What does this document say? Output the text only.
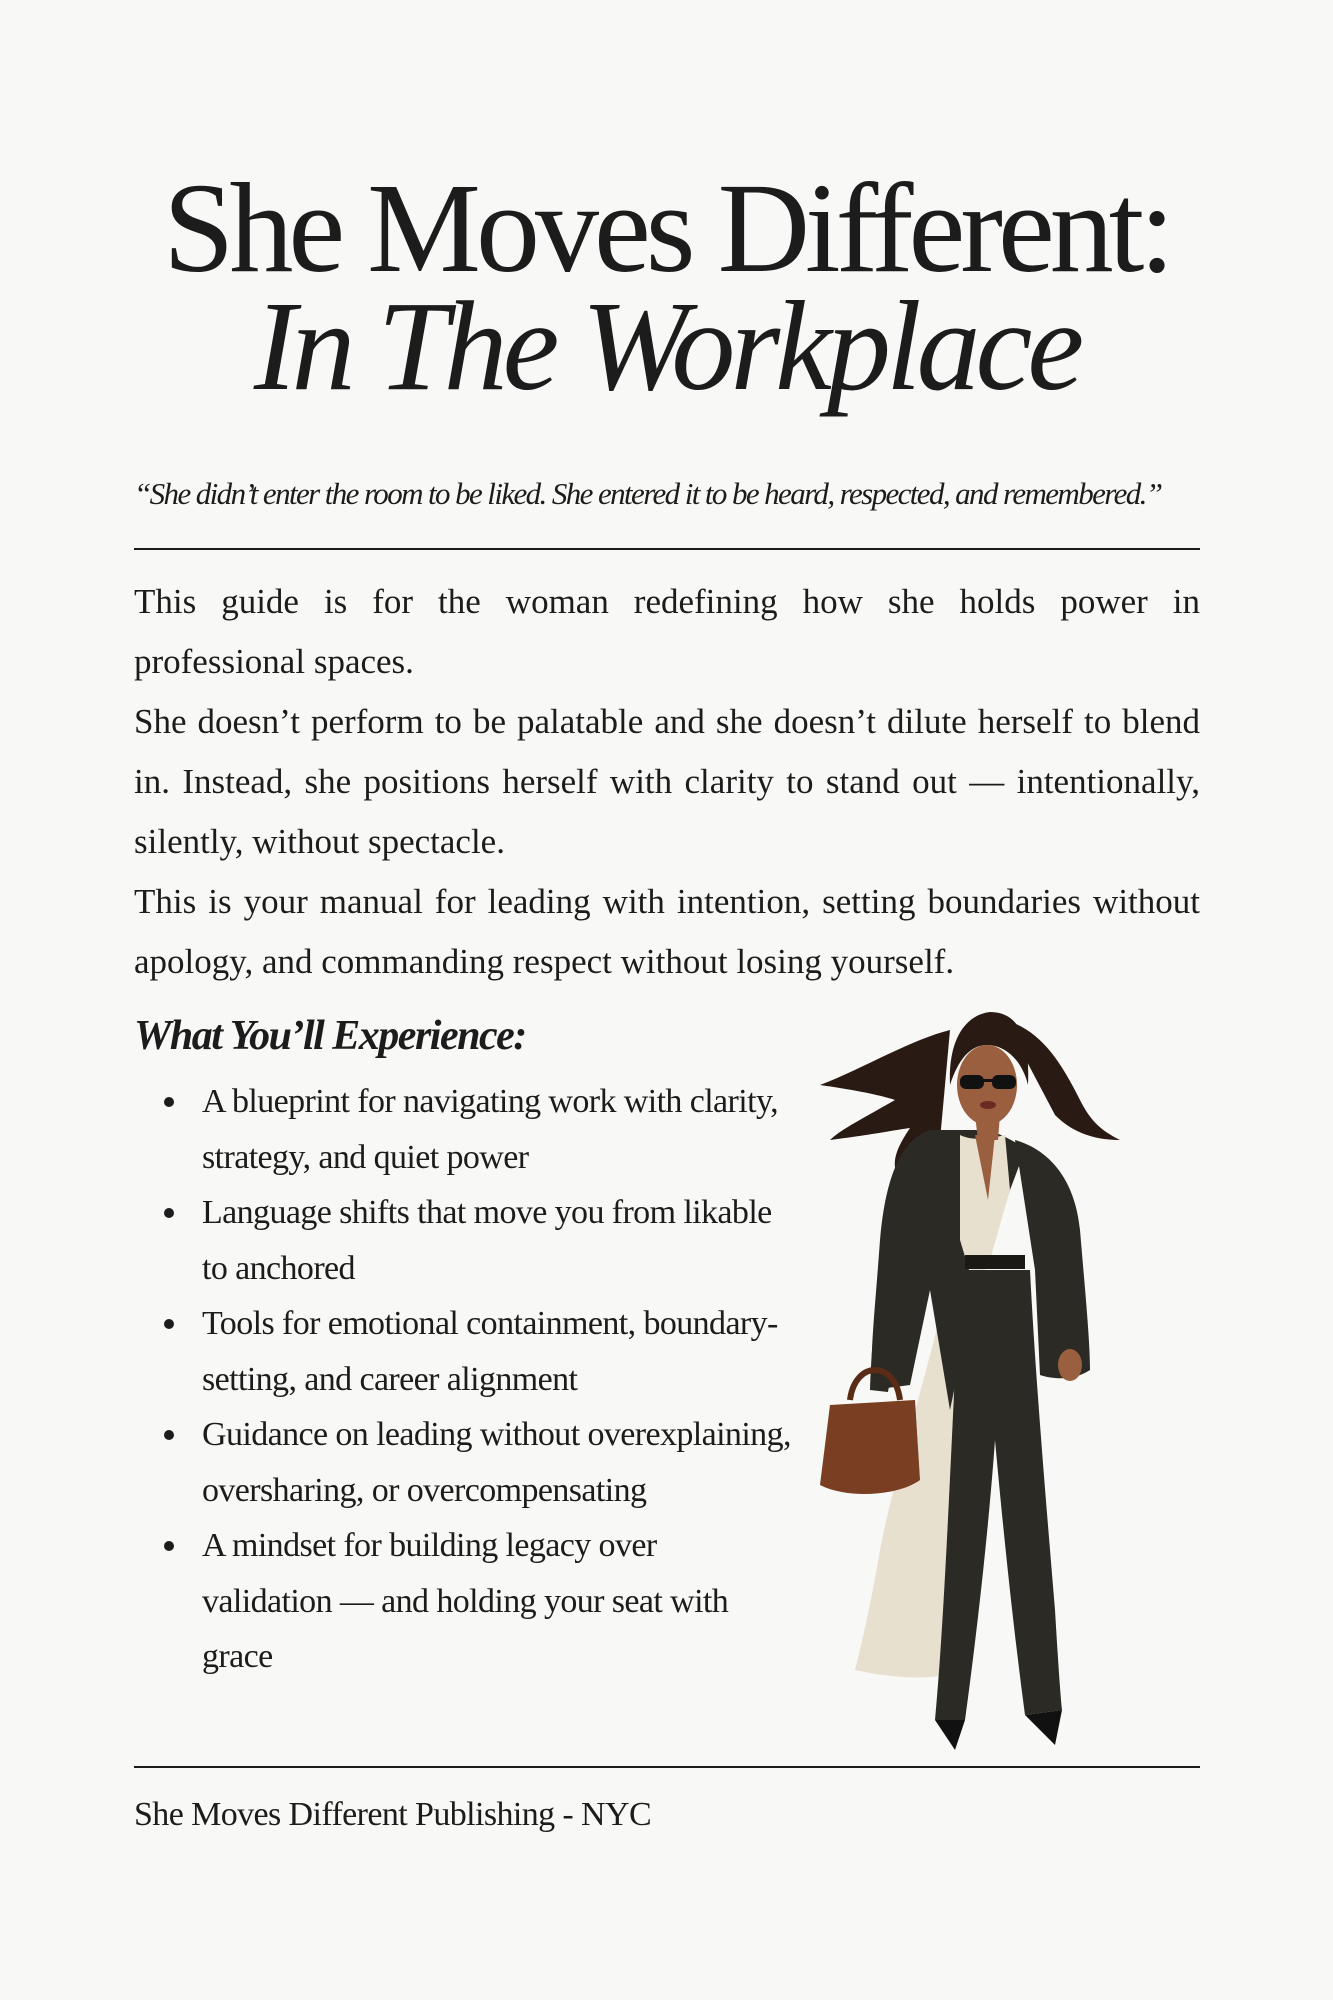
She Moves Different:
In The Workplace
“She didn’t enter the room to be liked. She entered it to be heard, respected, and remembered.”

This guide is for the woman redefining how she holds power in professional spaces.

She doesn’t perform to be palatable and she doesn’t dilute herself to blend in. Instead, she positions herself with clarity to stand out — intentionally, silently, without spectacle.

This is your manual for leading with intention, setting boundaries without apology, and commanding respect without losing yourself.

What You’ll Experience:
A blueprint for navigating work with clarity, strategy, and quiet power
Language shifts that move you from likable to anchored
Tools for emotional containment, boundary-setting, and career alignment
Guidance on leading without overexplaining, oversharing, or overcompensating
A mindset for building legacy over validation — and holding your seat with grace
She Moves Different Publishing - NYC
